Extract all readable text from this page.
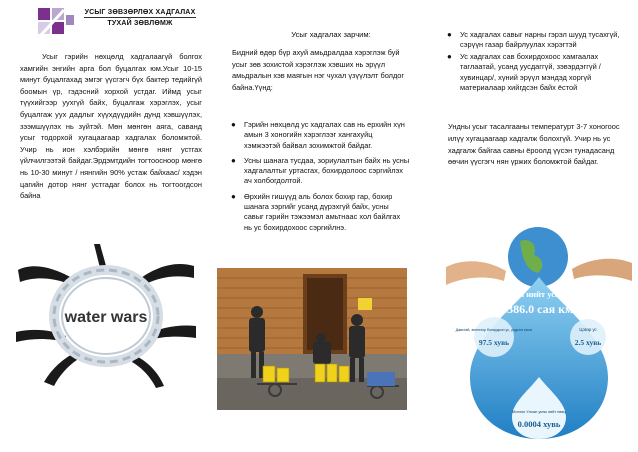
УСЫГ ЗӨВЗӨРЛӨХ ХАДГАЛАХ
ТУХАЙ ЗӨВЛӨМЖ
Усыг гэрийн нөхцөлд хадгалаагүй болгох хамгийн энгийн арга бол буцалгах юм.Усыг 10-15 минут буцалгахад эмгэг үүсгэгч бүх бактер тедийгүй боомын үр, гэдэсний хорхой устдаг. Иймд усыг түүхийгээр уухгүй байх, буцалгаж хэрэглэх, усыг буцалгаж уух дадлыг хүүхдүүдийн дунд хэвшүүлэх, зээмшүүлэх нь зүйтэй. Мөн мөнгөн аяга, саванд усыг тодорхой хугацаагаар хадгалах боломжтой. Учир нь ион хэлбэрийн мөнгө нянг устгах үйлчилгээтэй байдаг.Эрдэмтдийн тогтоосноор мөнгө нь 10-30 минут / нянгийн 90% устаж байхаас/ хэдэн цагийн дотор нянг устгадаг болох нь тогтоогдсон байна
water wars
Усыг хадгалах зарчим:
Бидний өдөр бүр ахуй амьдралдаа хэрэглэж буй усыг зөв зохистой хэрэглэж хэвших нь эрүүл амьдралын хэв маягын нэг чухал үзүүлэлт болдог байна.Үүнд:
● Гэрийн нөхцөлд ус хадгалах сав нь ерхийн хүн амын 3 хоногийн хэрэглээг хангахуйц хэмжээтэй байвал зохимжтой байдаг.
● Усны шанага тусдаа, зориулалтын байх нь усны хадгалалтыг уртасгах, бохирдолоос сэргийлэх ач холбогдолтой.
● Өрхийн гишүүд аль болох бохир гар, бохир шанага зэргийг усанд дүрэхгүй байх, усны савыг гэрийн тэжээмэл амьтнаас хол байлгах нь ус бохирдохоос сэргийлнэ.
● Ус хадгалах савыг нарны гэрэл шууд тусахгүй, сэрүүн газар байрлуулах хэрэгтэй
● Ус хадгалах сав бохирдохоос хамгаалах таглаатай, усанд уусдаггүй, зэвэрдэггүй /хувинцар/, хүний эрүүл мэндэд хоргүй материалаар хийгдсэн байх ёстой
Ундны усыг тасалгааны температурт 3-7 хоногоос илүү хугацаагаар хадгалж болохгүй. Учир нь ус хадгалж байгаа савны ёроолд үүсэн тунадасанд өөчин үүсгэгч нян үржих боломжтой байдаг.
Дэлхийн нийт усны нөөц
1386.0 сая км²
Давстай, эмгэгээр бохирдсон ус, үлдсэн хэсэг
97.5 хувь
Цэвэр ус
2.5 хувь
Монгол Улсын усны нийт нөөц
0.0004 хувь
